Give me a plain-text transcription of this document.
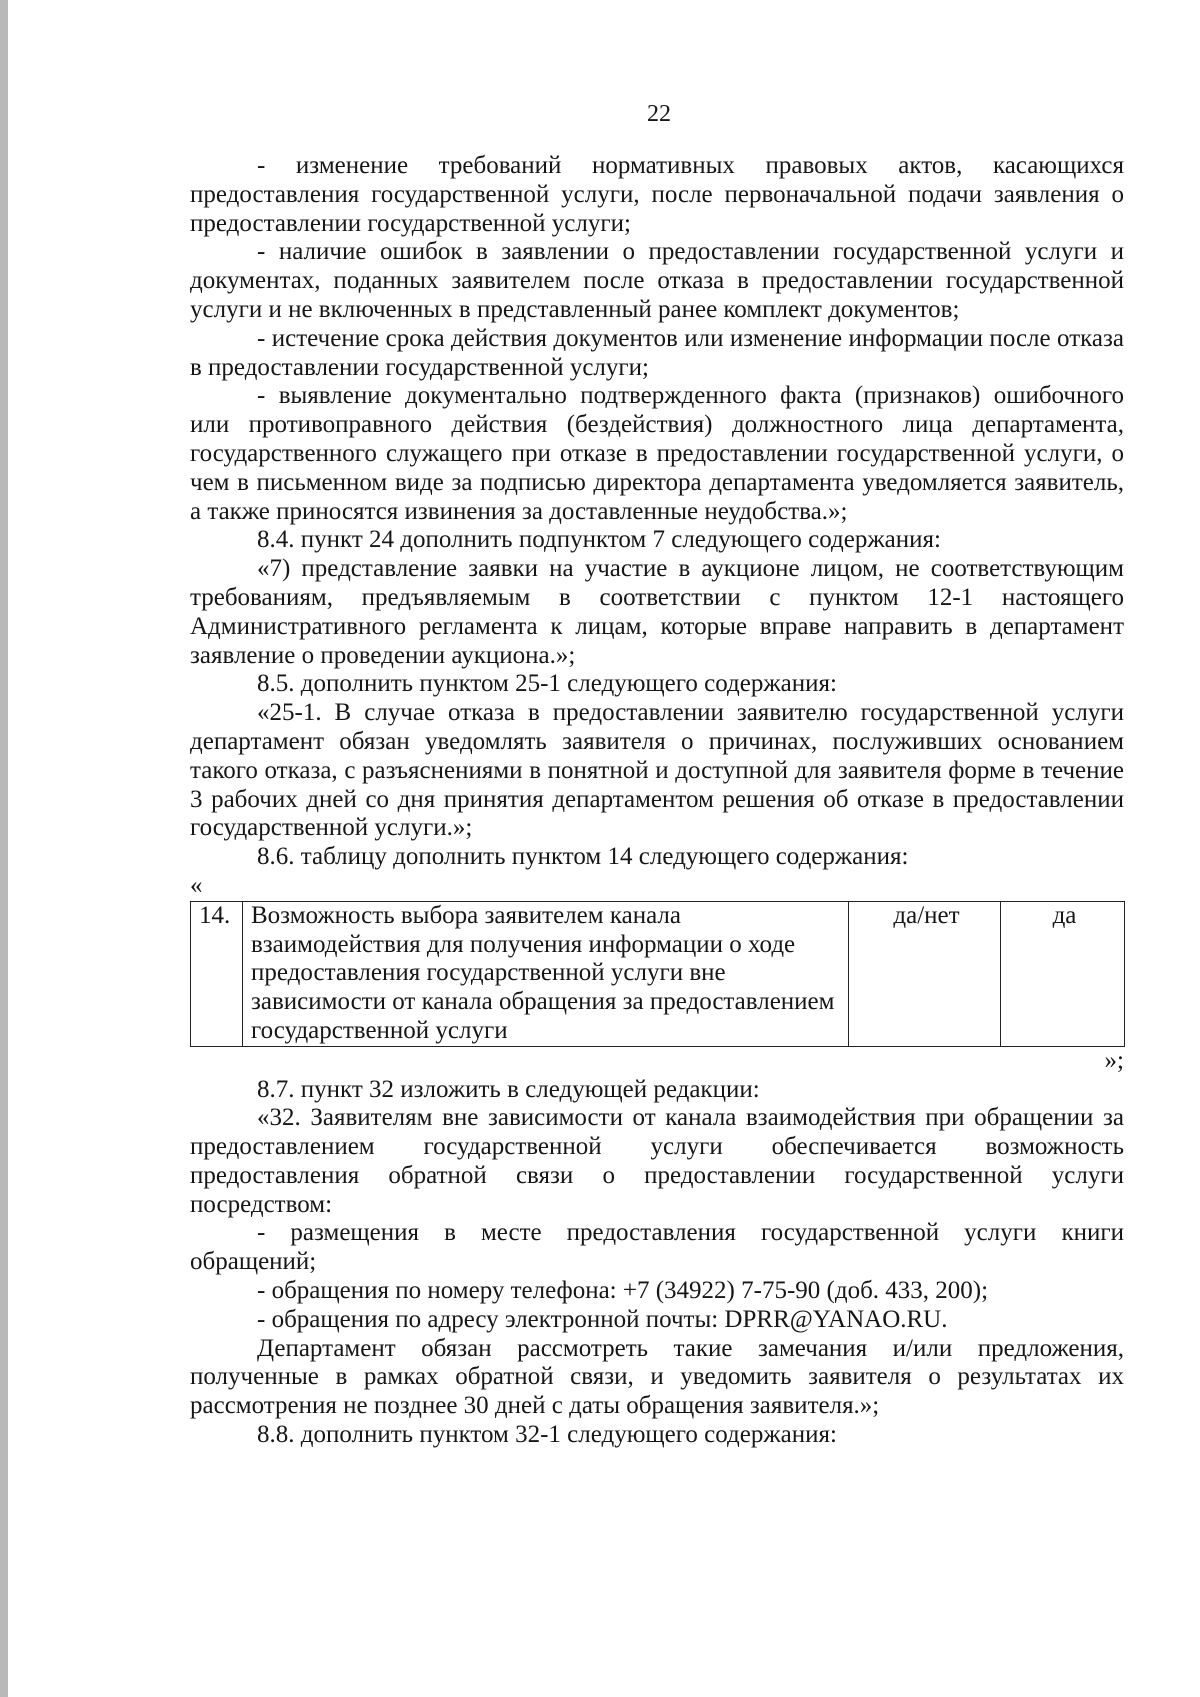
22

- изменение требований нормативных правовых актов, касающихся предоставления государственной услуги, после первоначальной подачи заявления о предоставлении государственной услуги;

- наличие ошибок в заявлении о предоставлении государственной услуги и документах, поданных заявителем после отказа в предоставлении государственной услуги и не включенных в представленный ранее комплект документов;

- истечение срока действия документов или изменение информации после отказа в предоставлении государственной услуги;

- выявление документально подтвержденного факта (признаков) ошибочного или противоправного действия (бездействия) должностного лица департамента, государственного служащего при отказе в предоставлении государственной услуги, о чем в письменном виде за подписью директора департамента уведомляется заявитель, а также приносятся извинения за доставленные неудобства.»;

8.4. пункт 24 дополнить подпунктом 7 следующего содержания:

«7) представление заявки на участие в аукционе лицом, не соответствующим требованиям, предъявляемым в соответствии с пунктом 12-1 настоящего Административного регламента к лицам, которые вправе направить в департамент заявление о проведении аукциона.»;

8.5. дополнить пунктом 25-1 следующего содержания:

«25-1. В случае отказа в предоставлении заявителю государственной услуги департамент обязан уведомлять заявителя о причинах, послуживших основанием такого отказа, с разъяснениями в понятной и доступной для заявителя форме в течение 3 рабочих дней со дня принятия департаментом решения об отказе в предоставлении государственной услуги.»;

8.6. таблицу дополнить пунктом 14 следующего содержания:

«

14.	Возможность выбора заявителем канала взаимодействия для получения информации о ходе предоставления государственной услуги вне зависимости от канала обращения за предоставлением государственной услуги	да/нет	да

»;

8.7. пункт 32 изложить в следующей редакции:

«32. Заявителям вне зависимости от канала взаимодействия при обращении за предоставлением государственной услуги обеспечивается возможность предоставления обратной связи о предоставлении государственной услуги посредством:

- размещения в месте предоставления государственной услуги книги обращений;

- обращения по номеру телефона: +7 (34922) 7-75-90 (доб. 433, 200);

- обращения по адресу электронной почты: DPRR@YANAO.RU.

Департамент обязан рассмотреть такие замечания и/или предложения, полученные в рамках обратной связи, и уведомить заявителя о результатах их рассмотрения не позднее 30 дней с даты обращения заявителя.»;

8.8. дополнить пунктом 32-1 следующего содержания:
